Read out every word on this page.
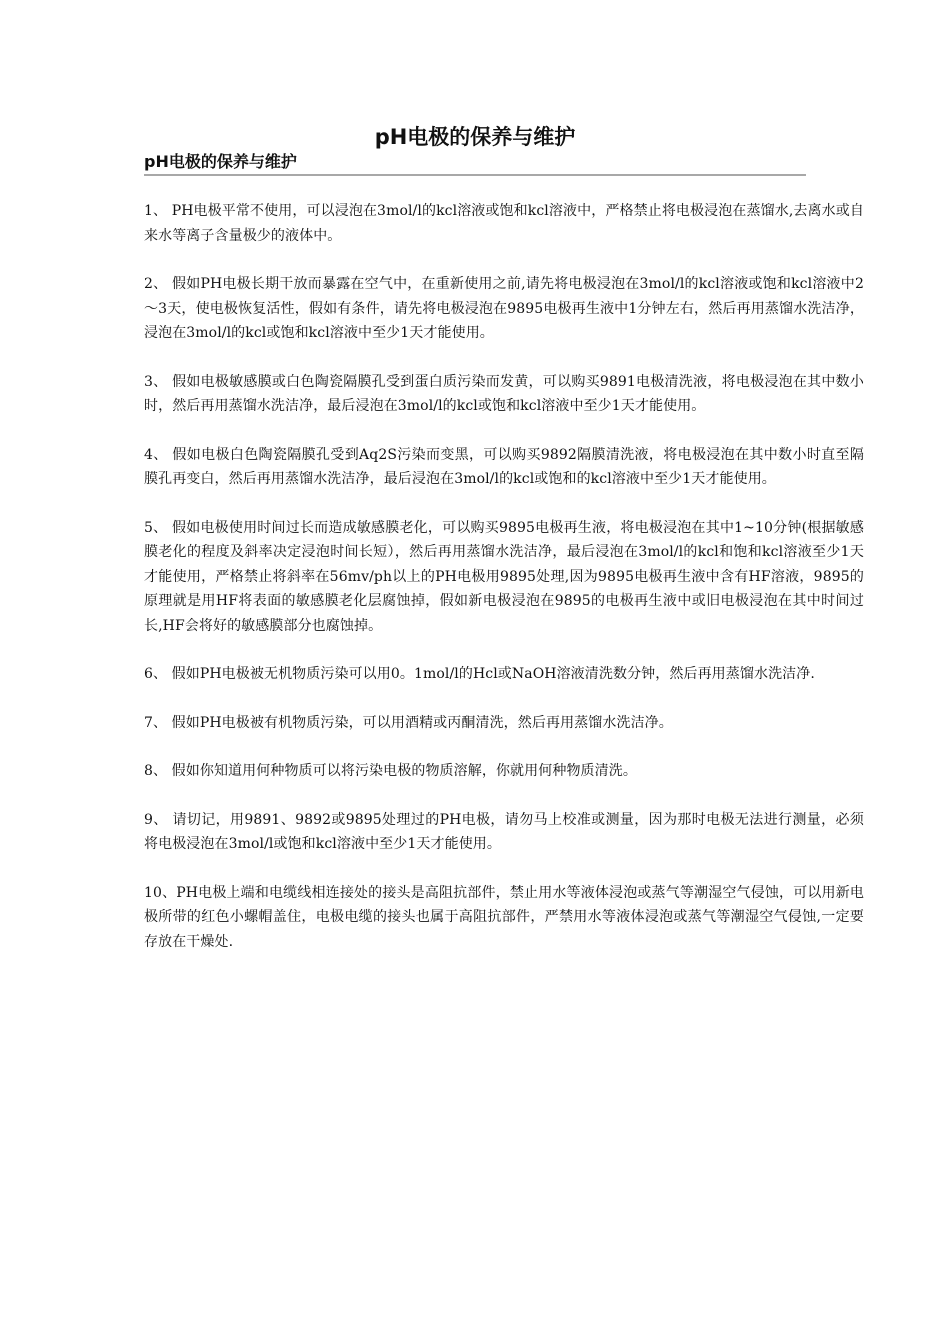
pH电极的保养与维护
pH电极的保养与维护

1、 PH电极平常不使用，可以浸泡在3mol/l的kcl溶液或饱和kcl溶液中，严格禁止将电极浸泡在蒸馏水,去离水或自来水等离子含量极少的液体中。

2、 假如PH电极长期干放而暴露在空气中，在重新使用之前,请先将电极浸泡在3mol/l的kcl溶液或饱和kcl溶液中2～3天，使电极恢复活性，假如有条件，请先将电极浸泡在9895电极再生液中1分钟左右，然后再用蒸馏水洗洁净，浸泡在3mol/l的kcl或饱和kcl溶液中至少1天才能使用。

3、 假如电极敏感膜或白色陶瓷隔膜孔受到蛋白质污染而发黄，可以购买9891电极清洗液，将电极浸泡在其中数小时，然后再用蒸馏水洗洁净，最后浸泡在3mol/l的kcl或饱和kcl溶液中至少1天才能使用。

4、 假如电极白色陶瓷隔膜孔受到Aq2S污染而变黑，可以购买9892隔膜清洗液，将电极浸泡在其中数小时直至隔膜孔再变白，然后再用蒸馏水洗洁净，最后浸泡在3mol/l的kcl或饱和的kcl溶液中至少1天才能使用。

5、 假如电极使用时间过长而造成敏感膜老化，可以购买9895电极再生液，将电极浸泡在其中1~10分钟(根据敏感膜老化的程度及斜率决定浸泡时间长短），然后再用蒸馏水洗洁净，最后浸泡在3mol/l的kcl和饱和kcl溶液至少1天才能使用，严格禁止将斜率在56mv/ph以上的PH电极用9895处理,因为9895电极再生液中含有HF溶液，9895的原理就是用HF将表面的敏感膜老化层腐蚀掉，假如新电极浸泡在9895的电极再生液中或旧电极浸泡在其中时间过长,HF会将好的敏感膜部分也腐蚀掉。

6、 假如PH电极被无机物质污染可以用0。1mol/l的Hcl或NaOH溶液清洗数分钟，然后再用蒸馏水洗洁净.

7、 假如PH电极被有机物质污染，可以用酒精或丙酮清洗，然后再用蒸馏水洗洁净。

8、 假如你知道用何种物质可以将污染电极的物质溶解，你就用何种物质清洗。

9、 请切记，用9891、9892或9895处理过的PH电极，请勿马上校准或测量，因为那时电极无法进行测量，必须将电极浸泡在3mol/l或饱和kcl溶液中至少1天才能使用。

10、PH电极上端和电缆线相连接处的接头是高阻抗部件，禁止用水等液体浸泡或蒸气等潮湿空气侵蚀，可以用新电极所带的红色小螺帽盖住，电极电缆的接头也属于高阻抗部件，严禁用水等液体浸泡或蒸气等潮湿空气侵蚀,一定要存放在干燥处.
